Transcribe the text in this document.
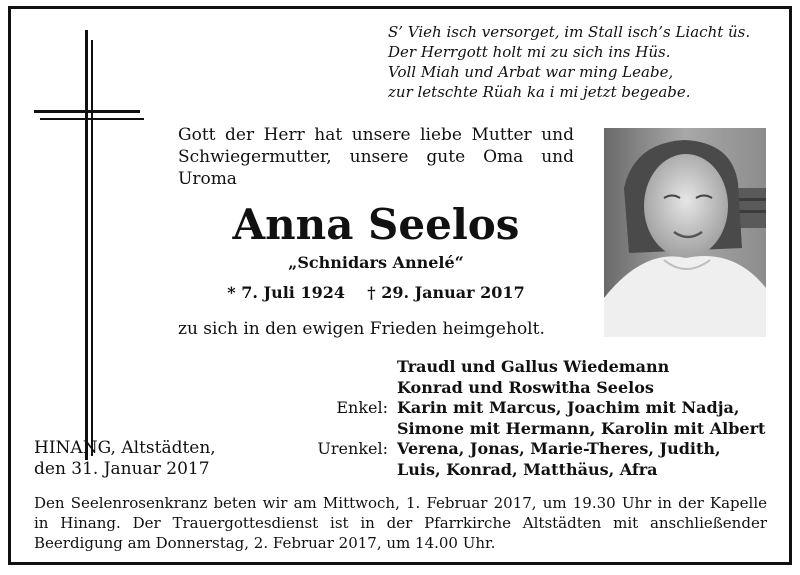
S’ Vieh isch versorget, im Stall isch’s Liacht üs.
Der Herrgott holt mi zu sich ins Hüs.
Voll Miah und Arbat war ming Leabe,
zur letschte Rüah ka i mi jetzt begeabe.
Gott der Herr hat unsere liebe Mutter und
Schwiegermutter, unsere gute Oma und
Uroma
Anna Seelos
„Schnidars Annelé“
* 7. Juli 1924    † 29. Januar 2017
zu sich in den ewigen Frieden heimgeholt.
Traudl und Gallus Wiedemann
Konrad und Roswitha Seelos
Enkel: Karin mit Marcus, Joachim mit Nadja,
Simone mit Hermann, Karolin mit Albert
Urenkel: Verena, Jonas, Marie-Theres, Judith,
Luis, Konrad, Matthäus, Afra
HINANG, Altstädten,
den 31. Januar 2017
Den Seelenrosenkranz beten wir am Mittwoch, 1. Februar 2017, um 19.30 Uhr in der Kapelle
in Hinang. Der Trauergottesdienst ist in der Pfarrkirche Altstädten mit anschließender
Beerdigung am Donnerstag, 2. Februar 2017, um 14.00 Uhr.
